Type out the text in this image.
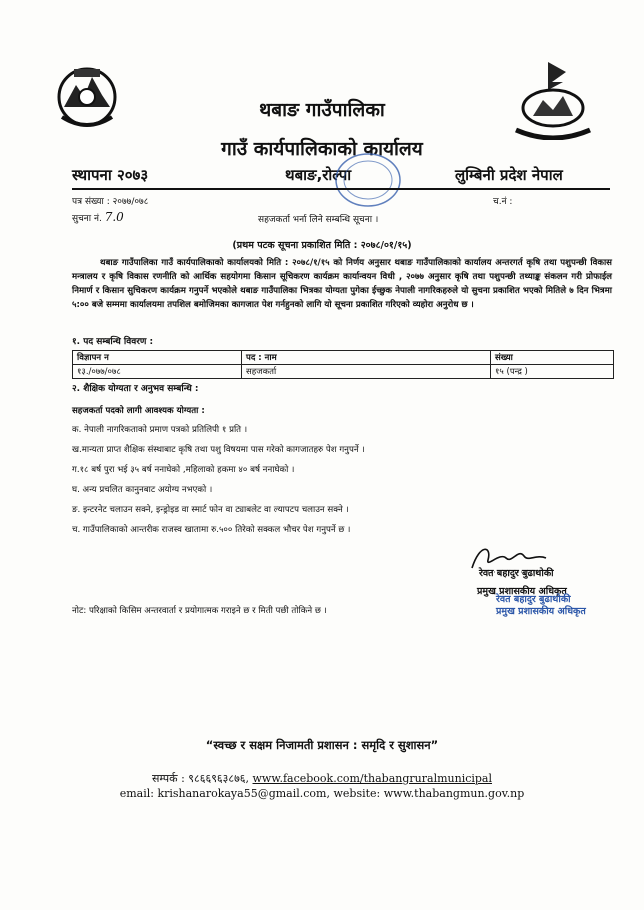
थबाङ गाउँपालिका
गाउँ कार्यपालिकाको कार्यालय
स्थापना २०७३	थबाङ,रोल्पा	लुम्बिनी प्रदेश नेपाल
पत्र संख्या : २०७७/०७८	च.नं :
सुचना नं. 7.0	सहजकर्ता भर्ना लिने सम्बन्धि सूचना ।
(प्रथम पटक सूचना प्रकाशित मिति : २०७८/०१/१५)
थबाङ गाउँपालिका गाउँ कार्यपालिकाको कार्यालयको मिति : २०७८/१/१५ को निर्णय अनुसार थबाङ गाउँपालिकाको कार्यालय अन्तरगर्त कृषि तथा पशुपन्छी विकास मन्त्रालय र कृषि विकास रणनीति को आर्थिक सहयोगमा किसान सूचिकरण कार्यक्रम कार्यान्वयन विधी , २०७७ अनुसार कृषि तथा पशुपन्छी तथ्याङ्क संकलन गरी प्रोफाईल निमार्ण र किसान सुचिकरण कार्यक्रम गनुपर्ने भएकोले थबाङ गाउँपालिका भित्रका योग्यता पुगेका ईच्छुक नेपाली नागरिकहरुले यो सुचना प्रकाशित भएको मितिले ७ दिन भित्रमा ५:०० बजे सम्ममा कार्यालयमा तपशिल बमोजिमका कागजात पेश गर्नहुनको लागि यो सूचना प्रकाशित गरिएको व्यहोरा अनुरोध छ ।
१. पद सम्बन्धि विवरण :
विज्ञापन न	पद : नाम	संख्या
१३./०७७/०७८	सहजकर्ता	१५ (पन्द्र )
२. शैक्षिक योग्यता र अनुभव सम्बन्धि :
सहजकर्ता पदको लागी आवश्यक योग्यता :
क. नेपाली नागरिकताको प्रमाण पत्रको प्रतिलिपी १ प्रति ।
ख.मान्यता प्राप्त शैक्षिक संस्थाबाट कृषि तथा पशु विषयमा पास गरेको कागजातहरु पेश गनुपर्ने ।
ग.१८ बर्ष पुरा भई ३५ बर्ष ननाघेको ,महिलाको हकमा ४० बर्ष ननाघेको ।
घ. अन्य प्रचलित कानुनबाट अयोग्य नभएको ।
ङ. इन्टरनेट चलाउन सक्ने, इन्ड्रोइड वा स्मार्ट फोन वा ट्याबलेट वा ल्यापटप चलाउन सक्ने ।
च. गाउँपालिकाको आन्तरीक राजस्व खातामा रु.५०० तिरेको सक्कल भौचर पेश गनुपर्ने छ ।
रेवत बहादुर बुढाथोकी
प्रमुख प्रशासकीय अधिकृत
रेवत बहादुर बुढाथोकी
प्रमुख प्रशासकीय अधिकृत
नोट: परिक्षाको किसिम अन्तरवार्ता र प्रयोगात्मक गराइने छ र मिती पछी तोकिने छ ।
“स्वच्छ र सक्षम निजामती प्रशासन : समृदि र सुशासन”
सम्पर्क : ९८६६९६३८७६, www.facebook.com/thabangruralmunicipal
email: krishanarokaya55@gmail.com, website: www.thabangmun.gov.np
